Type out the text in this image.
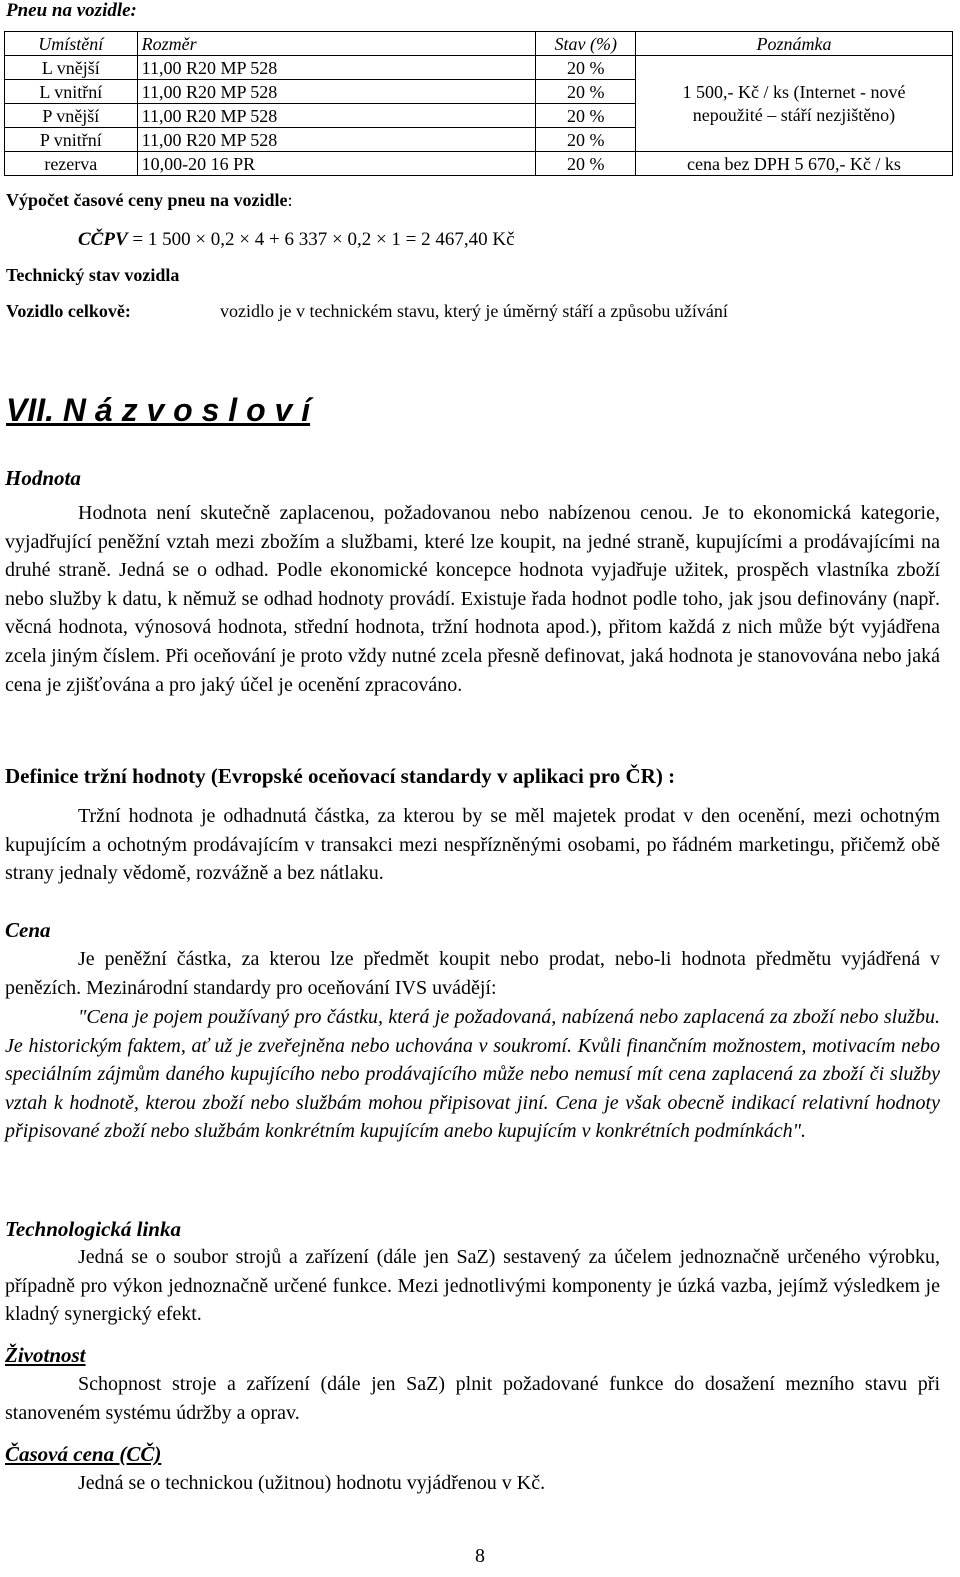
Pneu na vozidle:
Umístění	Rozměr	Stav (%)	Poznámka
L vnější	11,00 R20 MP 528	20 %	
L vnitřní	11,00 R20 MP 528	20 %	1 500,- Kč / ks (Internet - nové
nepoužité – stáří nezjištěno)

P vnější	11,00 R20 MP 528	20 %	
P vnitřní	11,00 R20 MP 528	20 %	
rezerva	10,00-20 16 PR	20 %	cena bez DPH 5 670,- Kč / ks
Výpočet časové ceny pneu na vozidle:
CČPV = 1 500 × 0,2 × 4 + 6 337 × 0,2 × 1 = 2 467,40 Kč
Technický stav vozidla
Vozidlo celkově:	vozidlo je v technickém stavu, který je úměrný stáří a způsobu užívání
VII. N á z v o s l o v í
Hodnota
Hodnota není skutečně zaplacenou, požadovanou nebo nabízenou cenou. Je to ekonomická kategorie, vyjadřující peněžní vztah mezi zbožím a službami, které lze koupit, na jedné straně, kupujícími a prodávajícími na druhé straně. Jedná se o odhad. Podle ekonomické koncepce hodnota vyjadřuje užitek, prospěch vlastníka zboží nebo služby k datu, k němuž se odhad hodnoty provádí. Existuje řada hodnot podle toho, jak jsou definovány (např. věcná hodnota, výnosová hodnota, střední hodnota, tržní hodnota apod.), přitom každá z nich může být vyjádřena zcela jiným číslem. Při oceňování je proto vždy nutné zcela přesně definovat, jaká hodnota je stanovována nebo jaká cena je zjišťována a pro jaký účel je ocenění zpracováno.
Definice tržní hodnoty (Evropské oceňovací standardy v aplikaci pro ČR) :
Tržní hodnota je odhadnutá částka, za kterou by se měl majetek prodat v den ocenění, mezi ochotným kupujícím a ochotným prodávajícím v transakci mezi nespřízněnými osobami, po řádném marketingu, přičemž obě strany jednaly vědomě, rozvážně a bez nátlaku.
Cena
Je peněžní částka, za kterou lze předmět koupit nebo prodat, nebo-li hodnota předmětu vyjádřená v penězích. Mezinárodní standardy pro oceňování IVS uvádějí:
"Cena je pojem používaný pro částku, která je požadovaná, nabízená nebo zaplacená za zboží nebo službu. Je historickým faktem, ať už je zveřejněna nebo uchována v soukromí. Kvůli finančním možnostem, motivacím nebo speciálním zájmům daného kupujícího nebo prodávajícího může nebo nemusí mít cena zaplacená za zboží či služby vztah k hodnotě, kterou zboží nebo službám mohou připisovat jiní. Cena je však obecně indikací relativní hodnoty připisované zboží nebo službám konkrétním kupujícím anebo kupujícím v konkrétních podmínkách".
Technologická linka
Jedná se o soubor strojů a zařízení (dále jen SaZ) sestavený za účelem jednoznačně určeného výrobku, případně pro výkon jednoznačně určené funkce. Mezi jednotlivými komponenty je úzká vazba, jejímž výsledkem je kladný synergický efekt.
Životnost
Schopnost stroje a zařízení (dále jen SaZ) plnit požadované funkce do dosažení mezního stavu při stanoveném systému údržby a oprav.
Časová cena (CČ)
Jedná se o technickou (užitnou) hodnotu vyjádřenou v Kč.
8
